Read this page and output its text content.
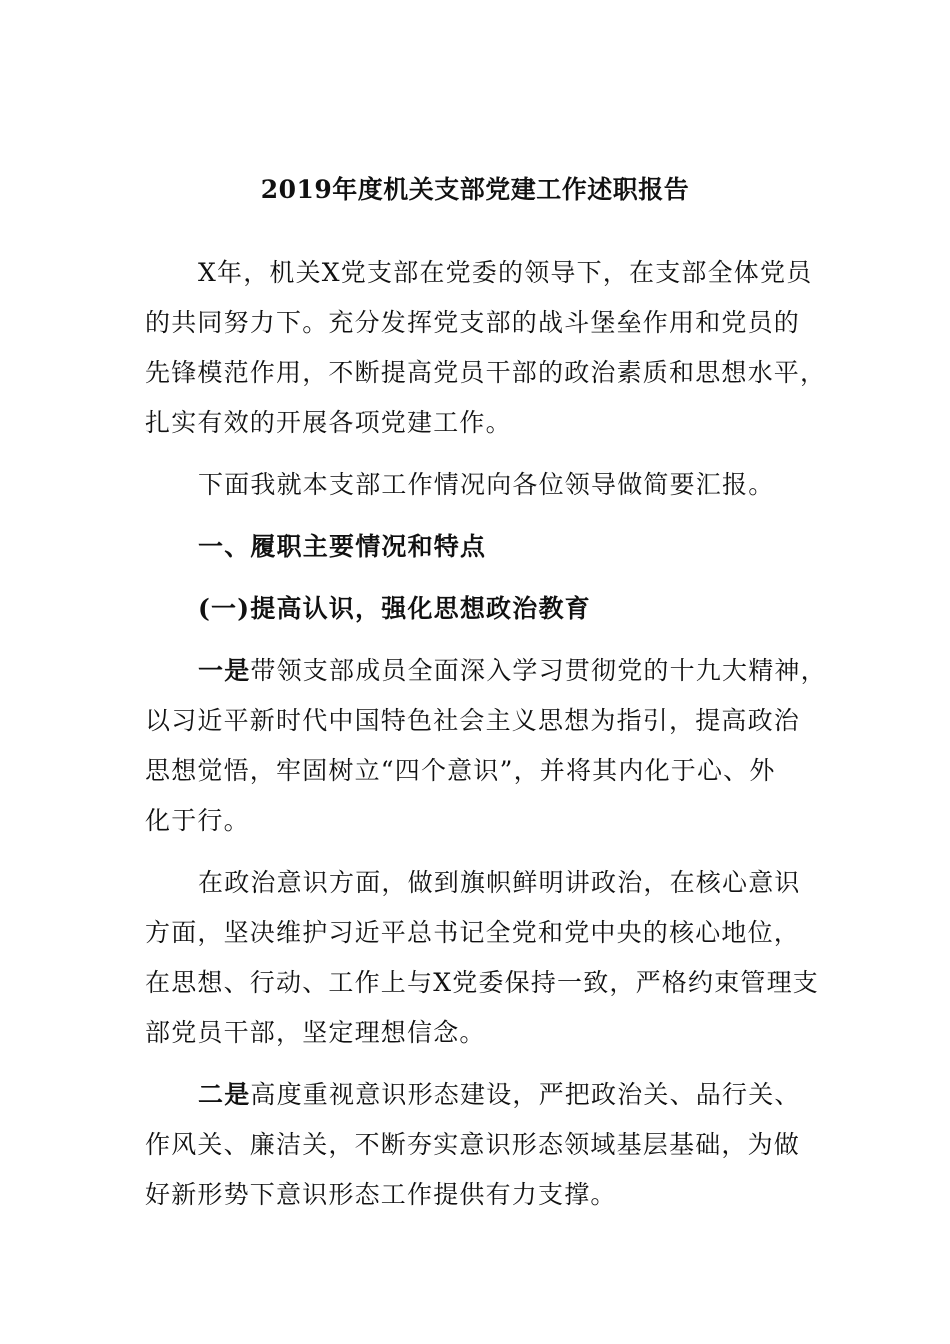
2019年度机关支部党建工作述职报告
X年，机关X党支部在党委的领导下，在支部全体党员
的共同努力下。充分发挥党支部的战斗堡垒作用和党员的
先锋模范作用，不断提高党员干部的政治素质和思想水平，
扎实有效的开展各项党建工作。
下面我就本支部工作情况向各位领导做简要汇报。
一、履职主要情况和特点
(一)提高认识，强化思想政治教育
一是带领支部成员全面深入学习贯彻党的十九大精神，
以习近平新时代中国特色社会主义思想为指引，提高政治
思想觉悟，牢固树立“四个意识”，并将其内化于心、外
化于行。
在政治意识方面，做到旗帜鲜明讲政治，在核心意识
方面，坚决维护习近平总书记全党和党中央的核心地位，
在思想、行动、工作上与X党委保持一致，严格约束管理支
部党员干部，坚定理想信念。
二是高度重视意识形态建设，严把政治关、品行关、
作风关、廉洁关，不断夯实意识形态领域基层基础，为做
好新形势下意识形态工作提供有力支撑。
